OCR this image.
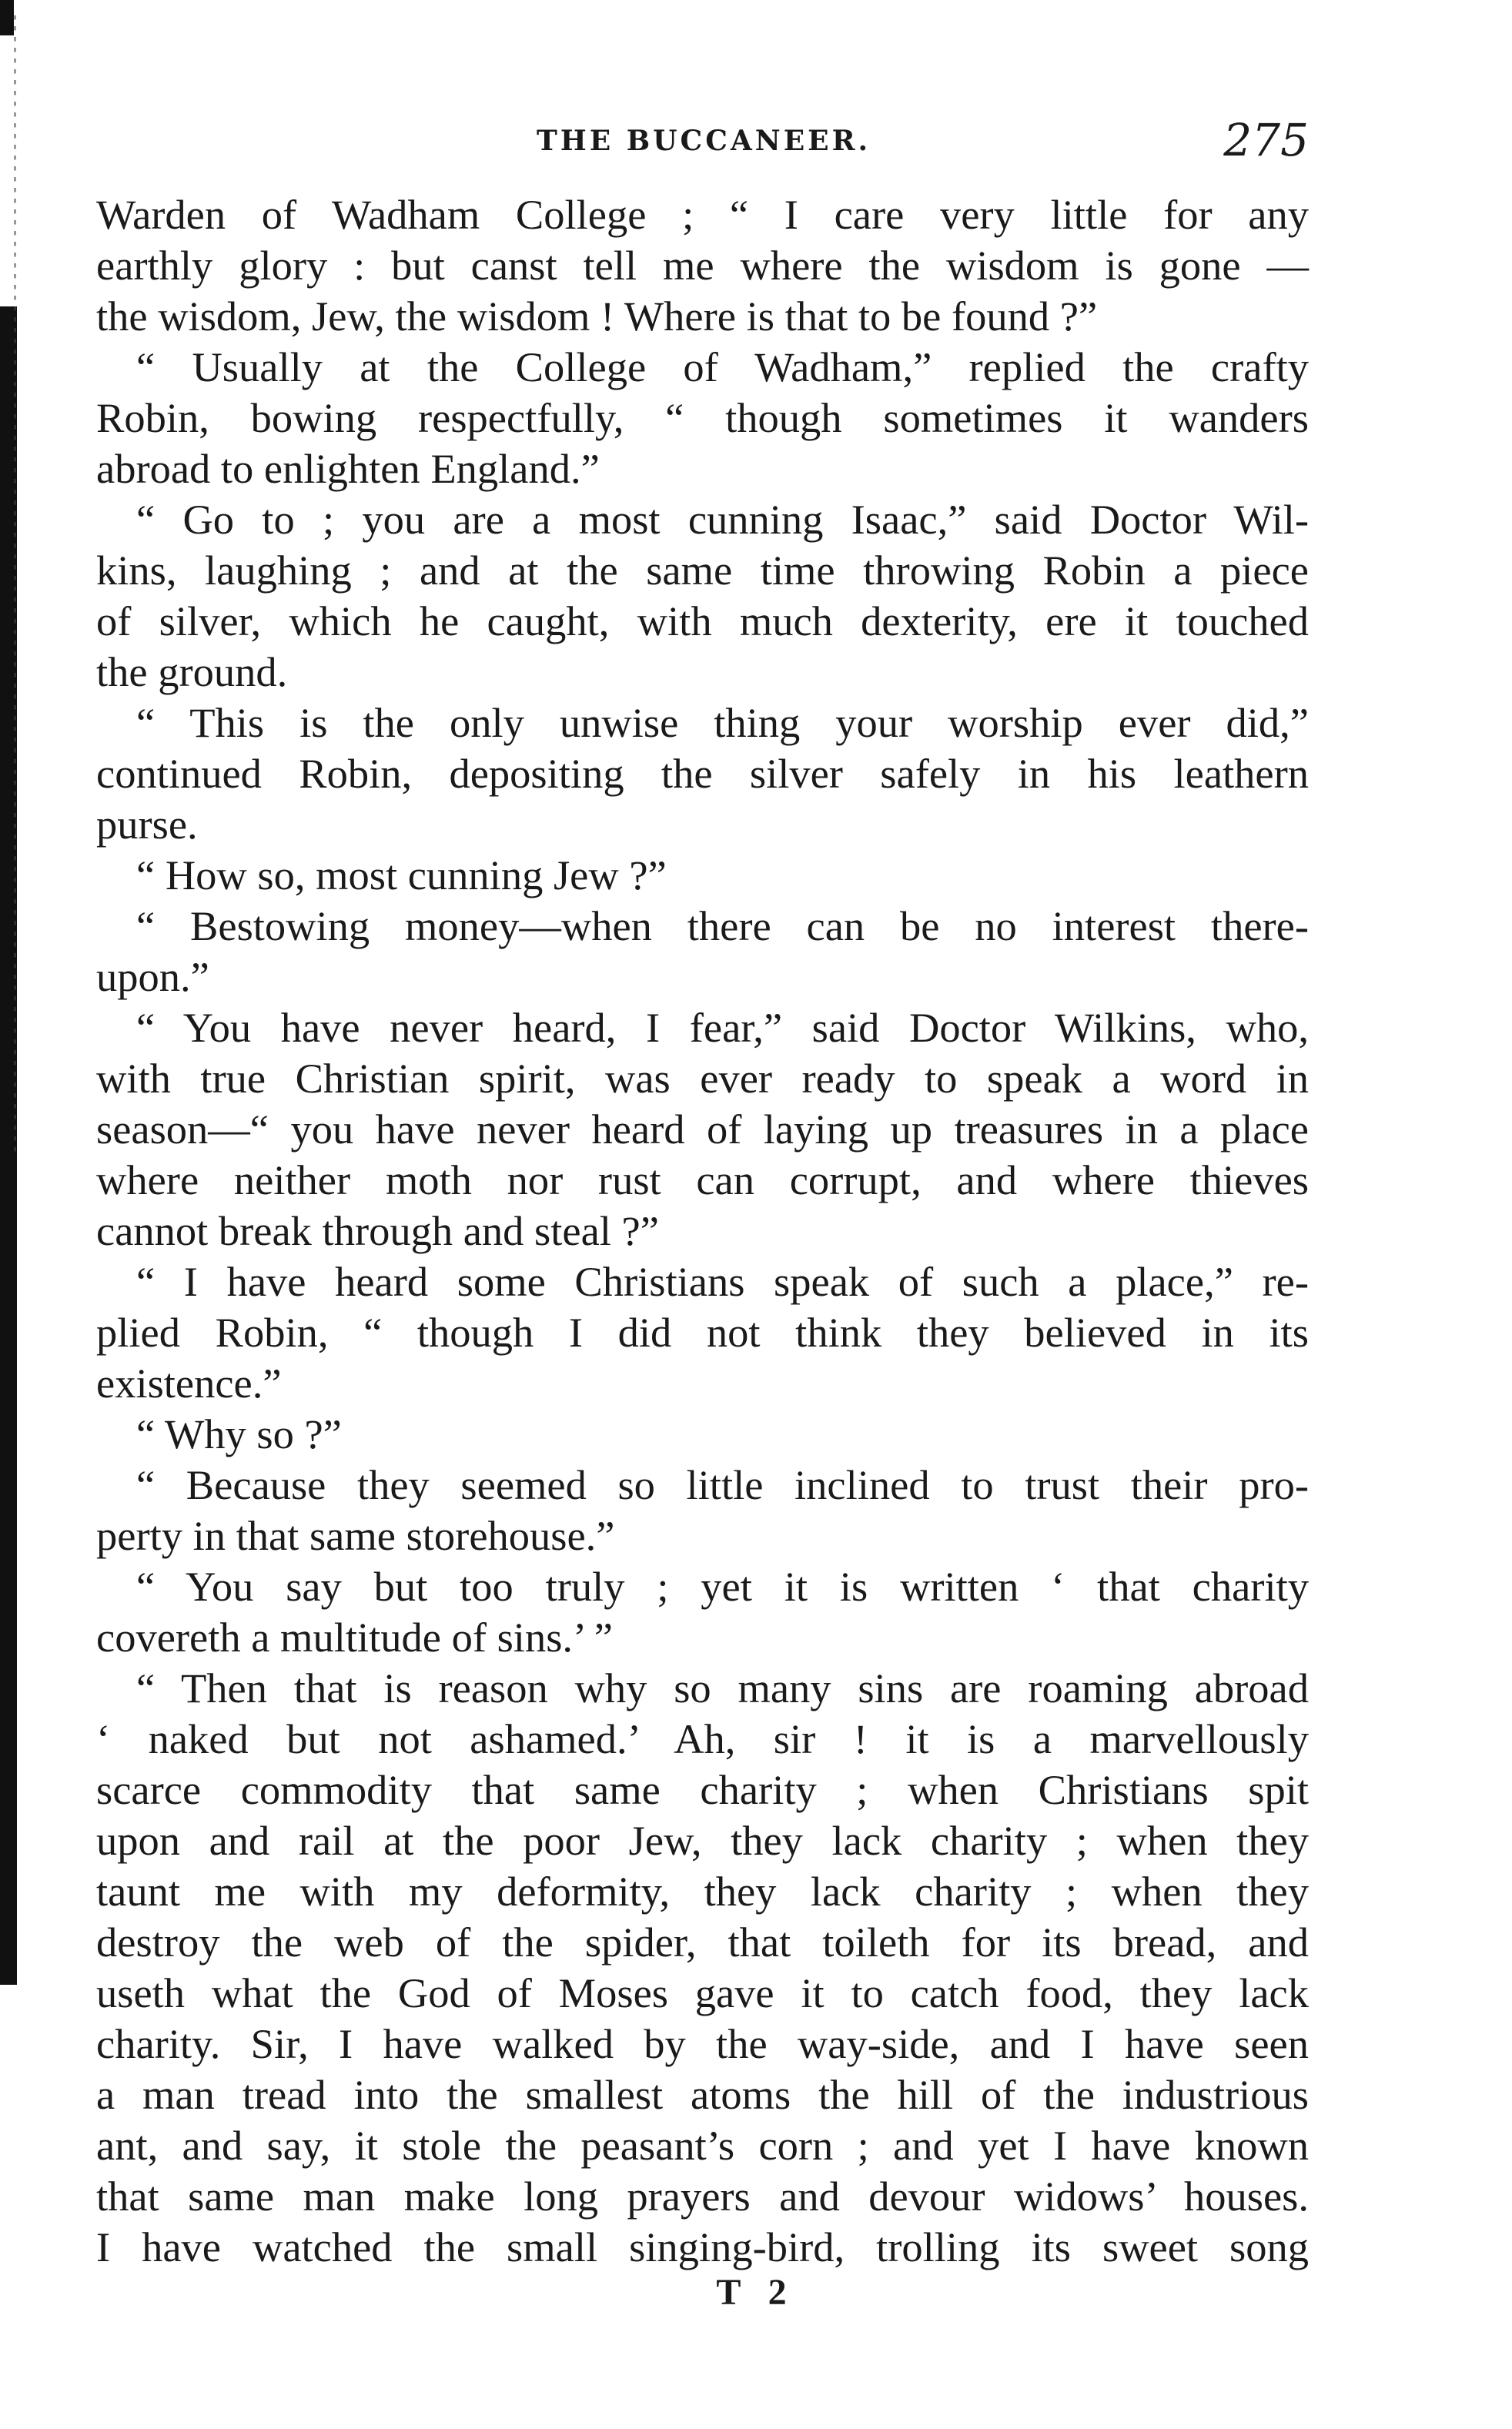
THE BUCCANEER.	275
Warden of Wadham College ; “ I care very little for any
earthly glory : but canst tell me where the wisdom is gone —
the wisdom, Jew, the wisdom ! Where is that to be found ?”
“ Usually at the College of Wadham,” replied the crafty
Robin, bowing respectfully, “ though sometimes it wanders
abroad to enlighten England.”
“ Go to ; you are a most cunning Isaac,” said Doctor Wil-
kins, laughing ; and at the same time throwing Robin a piece
of silver, which he caught, with much dexterity, ere it touched
the ground.
“ This is the only unwise thing your worship ever did,”
continued Robin, depositing the silver safely in his leathern
purse.
“ How so, most cunning Jew ?”
“ Bestowing money—when there can be no interest there-
upon.”
“ You have never heard, I fear,” said Doctor Wilkins, who,
with true Christian spirit, was ever ready to speak a word in
season—“ you have never heard of laying up treasures in a place
where neither moth nor rust can corrupt, and where thieves
cannot break through and steal ?”
“ I have heard some Christians speak of such a place,” re-
plied Robin, “ though I did not think they believed in its
existence.”
“ Why so ?”
“ Because they seemed so little inclined to trust their pro-
perty in that same storehouse.”
“ You say but too truly ; yet it is written ‘ that charity
covereth a multitude of sins.’ ”
“ Then that is reason why so many sins are roaming abroad
‘ naked but not ashamed.’ Ah, sir ! it is a marvellously
scarce commodity that same charity ; when Christians spit
upon and rail at the poor Jew, they lack charity ; when they
taunt me with my deformity, they lack charity ; when they
destroy the web of the spider, that toileth for its bread, and
useth what the God of Moses gave it to catch food, they lack
charity. Sir, I have walked by the way-side, and I have seen
a man tread into the smallest atoms the hill of the industrious
ant, and say, it stole the peasant’s corn ; and yet I have known
that same man make long prayers and devour widows’ houses.
I have watched the small singing-bird, trolling its sweet song
T 2
